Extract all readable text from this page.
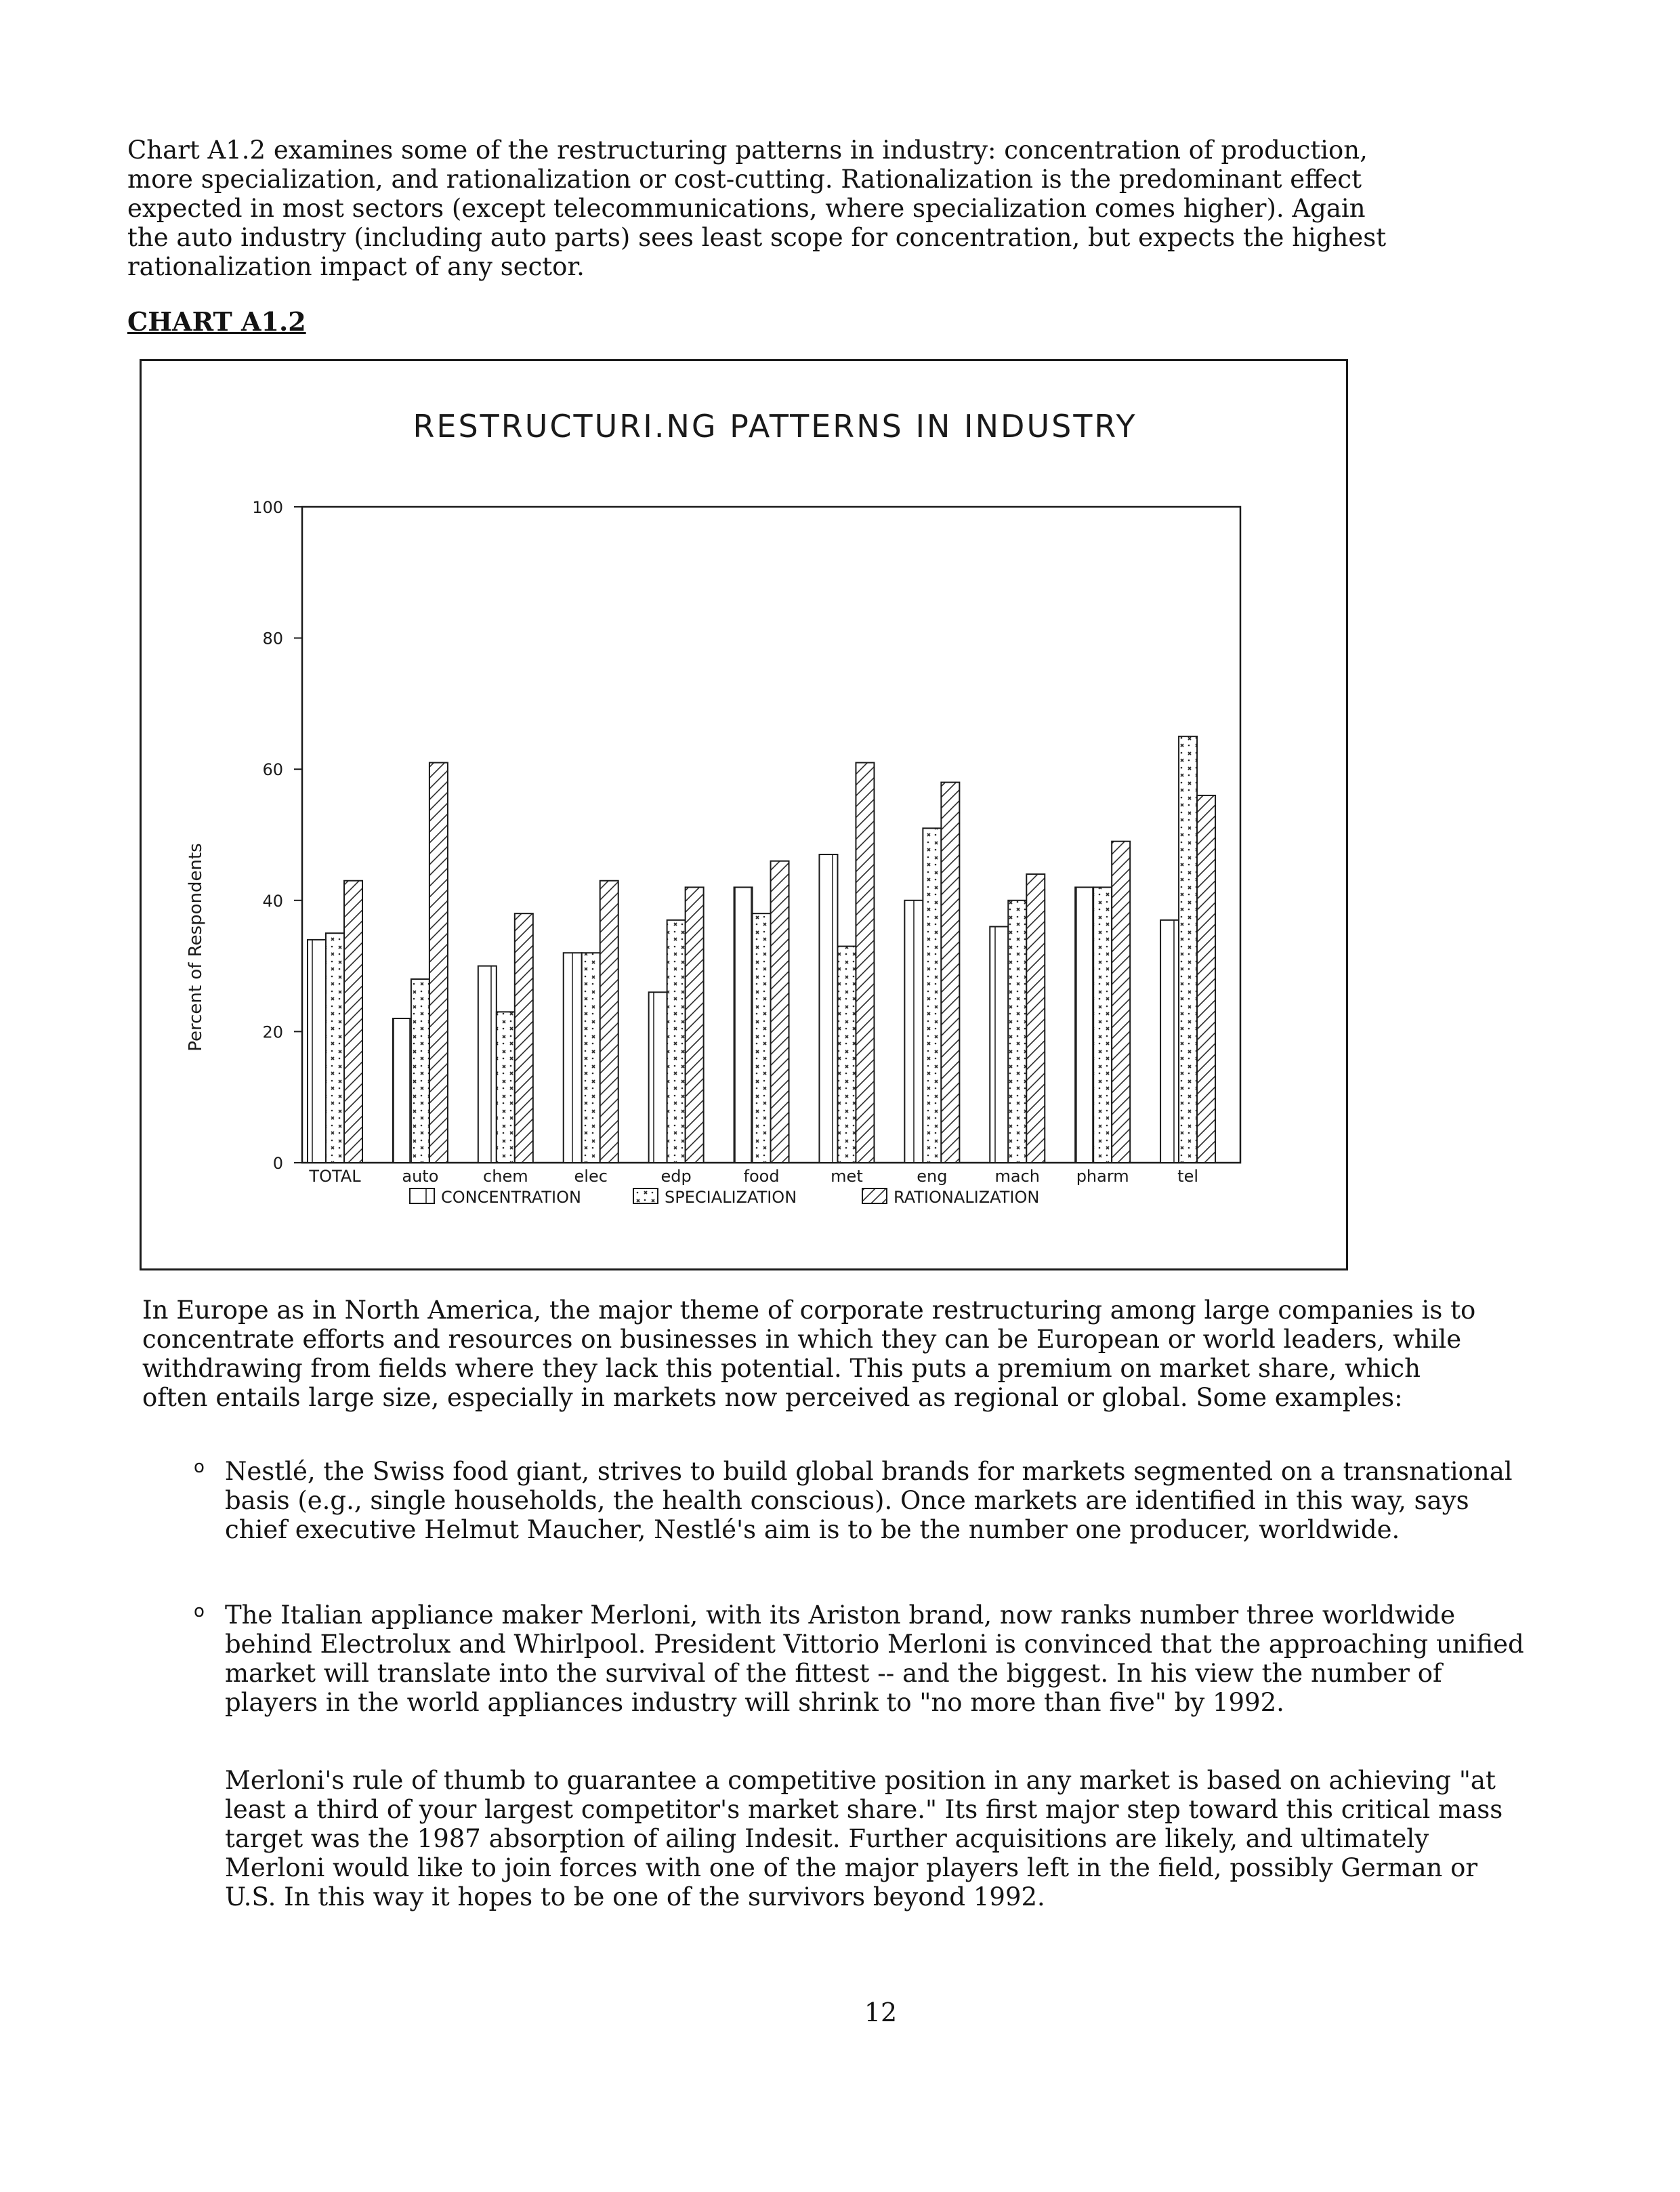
Chart A1.2 examines some of the restructuring patterns in industry: concentration of production, more specialization, and rationalization or cost-cutting. Rationalization is the predominant effect expected in most sectors (except telecommunications, where specialization comes higher). Again the auto industry (including auto parts) sees least scope for concentration, but expects the highest rationalization impact of any sector.

CHART A1.2
RESTRUCTURI.NG PATTERNS IN INDUSTRY
Percent of Respondents
100
80
60
40
20
0
TOTAL	auto	chem	elec	edp	food	met	eng	mach pharm	tel
CONCENTRATION	SPECIALIZATION	RATIONALIZATION

In Europe as in North America, the major theme of corporate restructuring among large companies is to concentrate efforts and resources on businesses in which they can be European or world leaders, while withdrawing from fields where they lack this potential. This puts a premium on market share, which often entails large size, especially in markets now perceived as regional or global. Some examples:

o Nestlé, the Swiss food giant, strives to build global brands for markets segmented on a transnational basis (e.g., single households, the health conscious). Once markets are identified in this way, says chief executive Helmut Maucher, Nestlé's aim is to be the number one producer, worldwide.

o The Italian appliance maker Merloni, with its Ariston brand, now ranks number three worldwide behind Electrolux and Whirlpool. President Vittorio Merloni is convinced that the approaching unified market will translate into the survival of the fittest -- and the biggest. In his view the number of players in the world appliances industry will shrink to "no more than five" by 1992.

Merloni's rule of thumb to guarantee a competitive position in any market is based on achieving "at least a third of your largest competitor's market share." Its first major step toward this critical mass target was the 1987 absorption of ailing Indesit. Further acquisitions are likely, and ultimately Merloni would like to join forces with one of the major players left in the field, possibly German or U.S. In this way it hopes to be one of the survivors beyond 1992.

12
